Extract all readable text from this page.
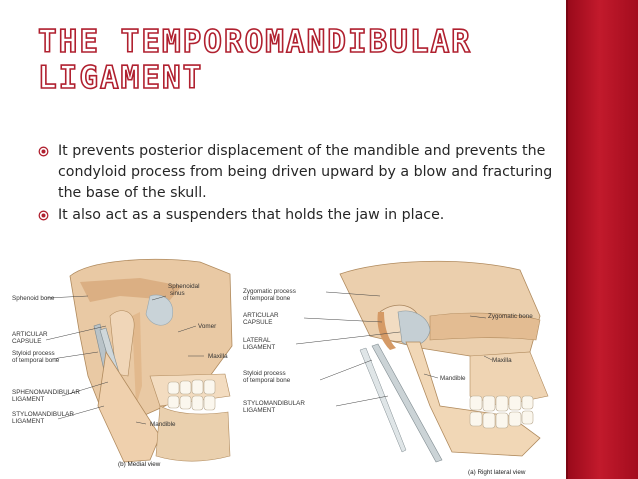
THE TEMPOROMANDIBULAR
LIGAMENT
It prevents posterior displacement of the mandible and prevents the condyloid process from being driven upward by a blow and fracturing the base of the skull.
It also act as a suspenders that holds the jaw in place.
Sphenoid bone
Sphenoidal
sinus
ARTICULAR
CAPSULE
Styloid process
of temporal bone
Vomer
Maxilla
SPHENOMANDIBULAR
LIGAMENT
STYLOMANDIBULAR
LIGAMENT	Mandible
(b) Medial view
Zygomatic process
of temporal bone
ARTICULAR
CAPSULE
LATERAL
LIGAMENT
Styloid process
of temporal bone
STYLOMANDIBULAR
LIGAMENT
Zygomatic bone
Maxilla
Mandible
(a) Right lateral view
